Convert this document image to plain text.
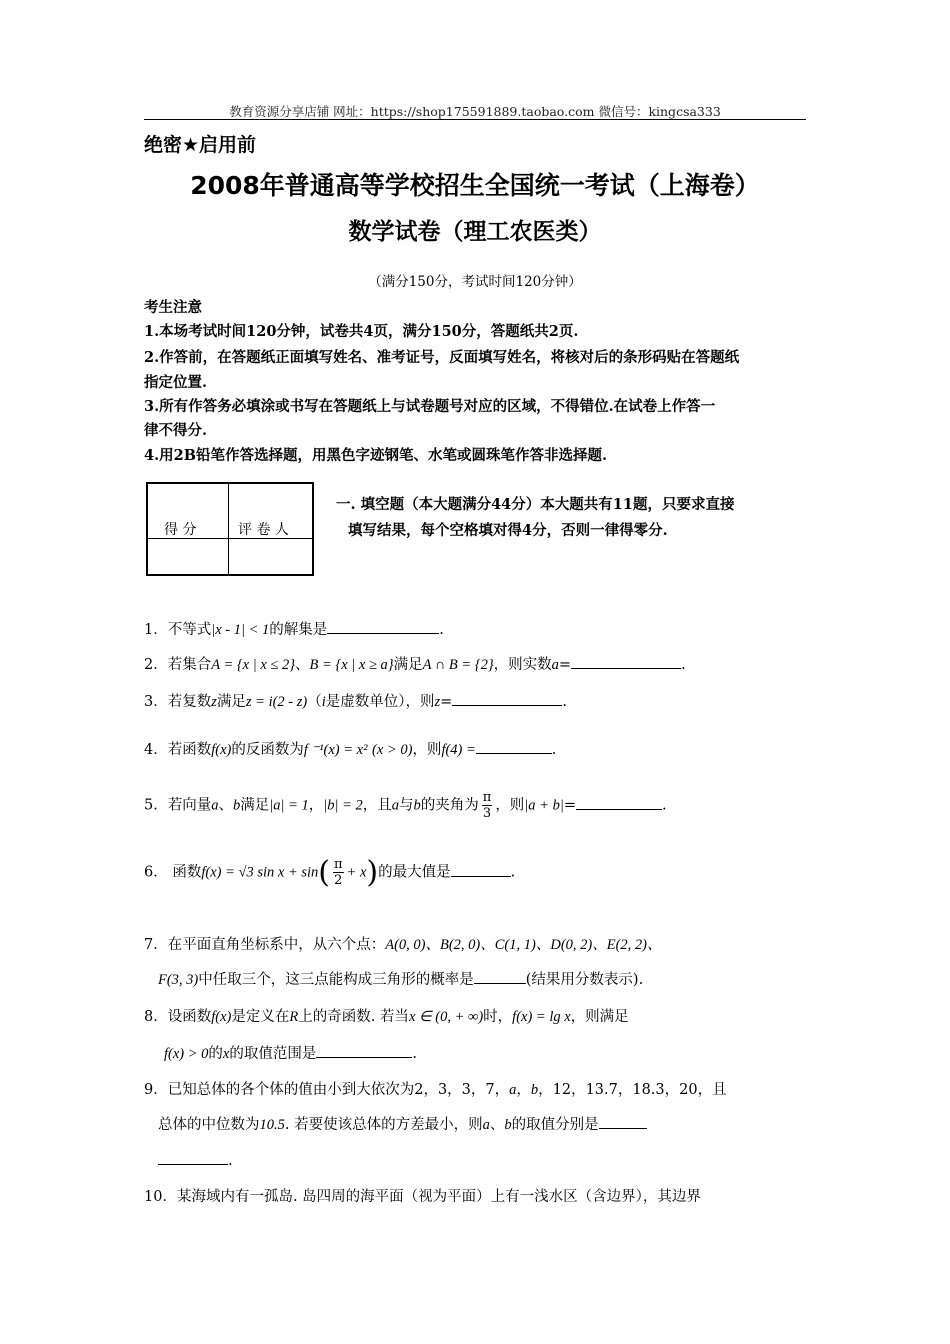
教育资源分享店铺 网址：https://shop175591889.taobao.com 微信号：kingcsa333
绝密★启用前
2008年普通高等学校招生全国统一考试（上海卷）
数学试卷（理工农医类）
（满分150分，考试时间120分钟）
考生注意
1.本场考试时间120分钟，试卷共4页，满分150分，答题纸共2页.
2.作答前，在答题纸正面填写姓名、准考证号，反面填写姓名，将核对后的条形码贴在答题纸
指定位置.
3.所有作答务必填涂或书写在答题纸上与试卷题号对应的区域，不得错位.在试卷上作答一
律不得分.
4.用2B铅笔作答选择题，用黑色字迹钢笔、水笔或圆珠笔作答非选择题.
得 分	评 卷 人
一. 填空题（本大题满分44分）本大题共有11题，只要求直接
填写结果，每个空格填对得4分，否则一律得零分.
1．不等式|x - 1| < 1的解集是	.
2．若集合A = {x | x ≤ 2}、B = {x | x ≥ a}满足A ∩ B = {2}，则实数a=	.
3．若复数z满足z = i(2 - z)（i是虚数单位），则z=	.
4．若函数f(x)的反函数为f ⁻¹(x) = x² (x > 0)，则f(4) =	.
5．若向量a、b满足|a| = 1，|b| = 2，且a与b的夹角为 $\frac{\pi}{3}$ ，则|a + b|=	.
6． 函数f(x) = √3 $\sin x + \sin( \frac{\pi}{2} + x)$的最大值是	.
7．在平面直角坐标系中，从六个点：A(0, 0)、B(2, 0)、C(1, 1)、D(0, 2)、E(2, 2)、
F(3, 3)中任取三个，这三点能构成三角形的概率是	(结果用分数表示).
8．设函数f(x)是定义在R上的奇函数. 若当x ∈ (0, + ∞)时，f(x) = lg x，则满足
f(x) > 0的x的取值范围是	.
9．已知总体的各个体的值由小到大依次为2，3，3，7，a，b，12，13.7，18.3，20，且
总体的中位数为10.5. 若要使该总体的方差最小，则a、b的取值分别是
.
10．某海域内有一孤岛. 岛四周的海平面（视为平面）上有一浅水区（含边界），其边界
